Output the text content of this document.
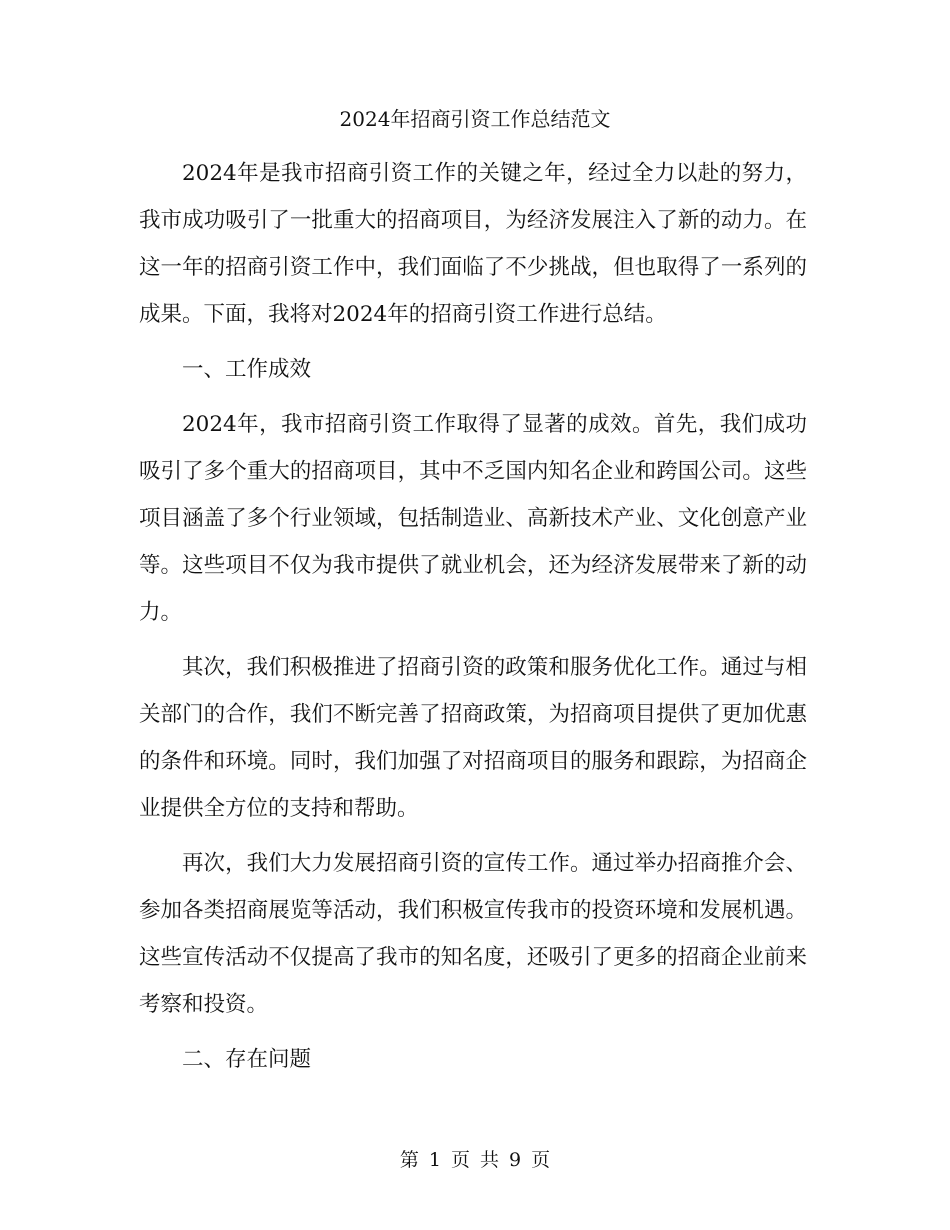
2024年招商引资工作总结范文

2024年是我市招商引资工作的关键之年，经过全力以赴的努力，我市成功吸引了一批重大的招商项目，为经济发展注入了新的动力。在这一年的招商引资工作中，我们面临了不少挑战，但也取得了一系列的成果。下面，我将对2024年的招商引资工作进行总结。

一、工作成效

2024年，我市招商引资工作取得了显著的成效。首先，我们成功吸引了多个重大的招商项目，其中不乏国内知名企业和跨国公司。这些项目涵盖了多个行业领域，包括制造业、高新技术产业、文化创意产业等。这些项目不仅为我市提供了就业机会，还为经济发展带来了新的动力。

其次，我们积极推进了招商引资的政策和服务优化工作。通过与相关部门的合作，我们不断完善了招商政策，为招商项目提供了更加优惠的条件和环境。同时，我们加强了对招商项目的服务和跟踪，为招商企业提供全方位的支持和帮助。

再次，我们大力发展招商引资的宣传工作。通过举办招商推介会、参加各类招商展览等活动，我们积极宣传我市的投资环境和发展机遇。这些宣传活动不仅提高了我市的知名度，还吸引了更多的招商企业前来考察和投资。

二、存在问题

第 1 页 共 9 页
